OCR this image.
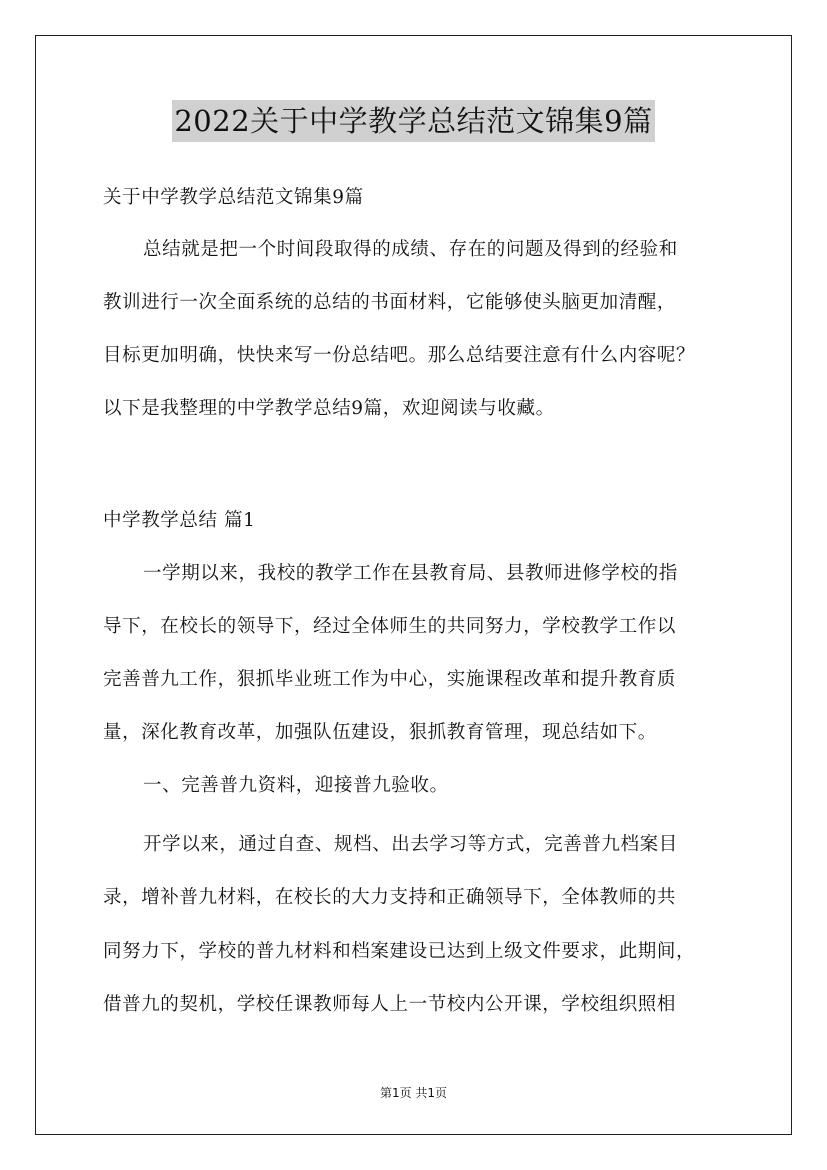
2022关于中学教学总结范文锦集9篇
关于中学教学总结范文锦集9篇
总结就是把一个时间段取得的成绩、存在的问题及得到的经验和
教训进行一次全面系统的总结的书面材料，它能够使头脑更加清醒，
目标更加明确，快快来写一份总结吧。那么总结要注意有什么内容呢？
以下是我整理的中学教学总结9篇，欢迎阅读与收藏。
中学教学总结 篇1
一学期以来，我校的教学工作在县教育局、县教师进修学校的指
导下，在校长的领导下，经过全体师生的共同努力，学校教学工作以
完善普九工作，狠抓毕业班工作为中心，实施课程改革和提升教育质
量，深化教育改革，加强队伍建设，狠抓教育管理，现总结如下。
一、完善普九资料，迎接普九验收。
开学以来，通过自查、规档、出去学习等方式，完善普九档案目
录，增补普九材料，在校长的大力支持和正确领导下，全体教师的共
同努力下，学校的普九材料和档案建设已达到上级文件要求，此期间，
借普九的契机，学校任课教师每人上一节校内公开课，学校组织照相
第1页 共1页
